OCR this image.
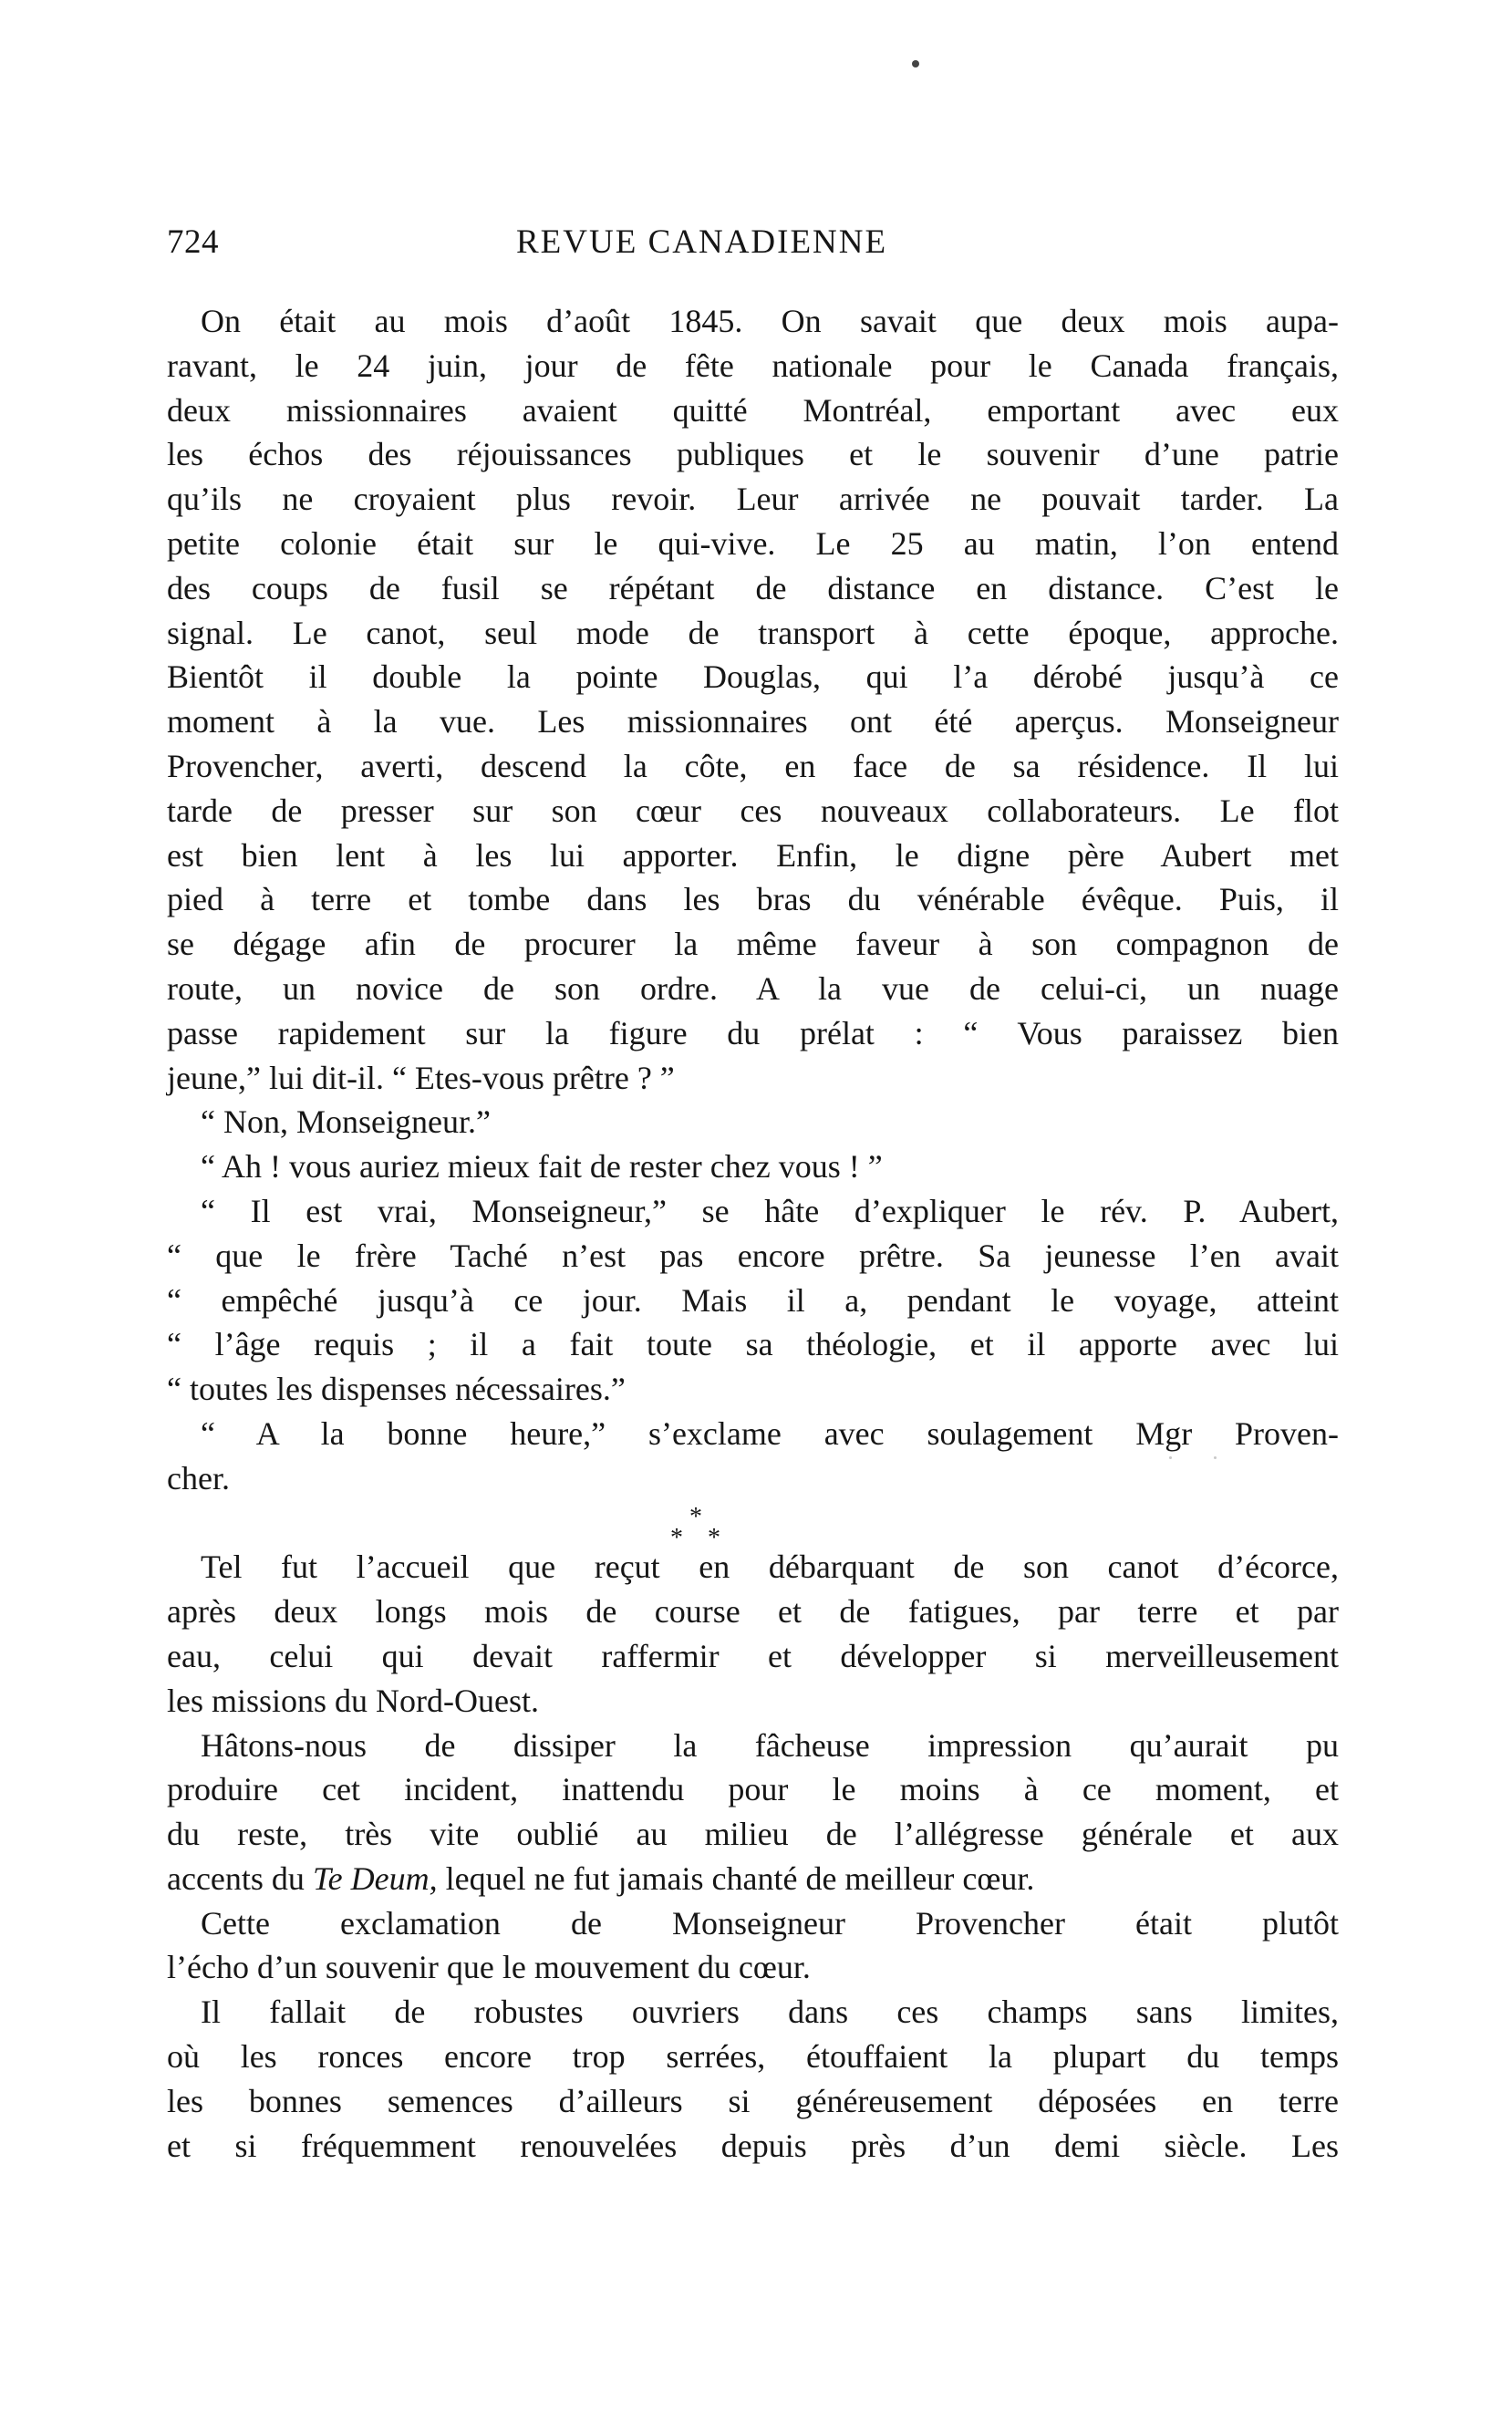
724	REVUE CANADIENNE
On était au mois d’août 1845. On savait que deux mois aupa-
ravant, le 24 juin, jour de fête nationale pour le Canada français,
deux missionnaires avaient quitté Montréal, emportant avec eux
les échos des réjouissances publiques et le souvenir d’une patrie
qu’ils ne croyaient plus revoir. Leur arrivée ne pouvait tarder. La
petite colonie était sur le qui-vive. Le 25 au matin, l’on entend
des coups de fusil se répétant de distance en distance. C’est le
signal. Le canot, seul mode de transport à cette époque, approche.
Bientôt il double la pointe Douglas, qui l’a dérobé jusqu’à ce
moment à la vue. Les missionnaires ont été aperçus. Monseigneur
Provencher, averti, descend la côte, en face de sa résidence. Il lui
tarde de presser sur son cœur ces nouveaux collaborateurs. Le flot
est bien lent à les lui apporter. Enfin, le digne père Aubert met
pied à terre et tombe dans les bras du vénérable évêque. Puis, il
se dégage afin de procurer la même faveur à son compagnon de
route, un novice de son ordre. A la vue de celui-ci, un nuage
passe rapidement sur la figure du prélat : “ Vous paraissez bien
jeune,” lui dit-il. “ Etes-vous prêtre ? ”
“ Non, Monseigneur.”
“ Ah ! vous auriez mieux fait de rester chez vous ! ”
“ Il est vrai, Monseigneur,” se hâte d’expliquer le rév. P. Aubert,
“ que le frère Taché n’est pas encore prêtre. Sa jeunesse l’en avait
“ empêché jusqu’à ce jour. Mais il a, pendant le voyage, atteint
“ l’âge requis ; il a fait toute sa théologie, et il apporte avec lui
“ toutes les dispenses nécessaires.”
“ A la bonne heure,” s’exclame avec soulagement Mgr Proven-
cher.
*
* *
Tel fut l’accueil que reçut en débarquant de son canot d’écorce,
après deux longs mois de course et de fatigues, par terre et par
eau, celui qui devait raffermir et développer si merveilleusement
les missions du Nord-Ouest.
Hâtons-nous de dissiper la fâcheuse impression qu’aurait pu
produire cet incident, inattendu pour le moins à ce moment, et
du reste, très vite oublié au milieu de l’allégresse générale et aux
accents du Te Deum, lequel ne fut jamais chanté de meilleur cœur.
Cette exclamation de Monseigneur Provencher était plutôt
l’écho d’un souvenir que le mouvement du cœur.
Il fallait de robustes ouvriers dans ces champs sans limites,
où les ronces encore trop serrées, étouffaient la plupart du temps
les bonnes semences d’ailleurs si généreusement déposées en terre
et si fréquemment renouvelées depuis près d’un demi siècle. Les
